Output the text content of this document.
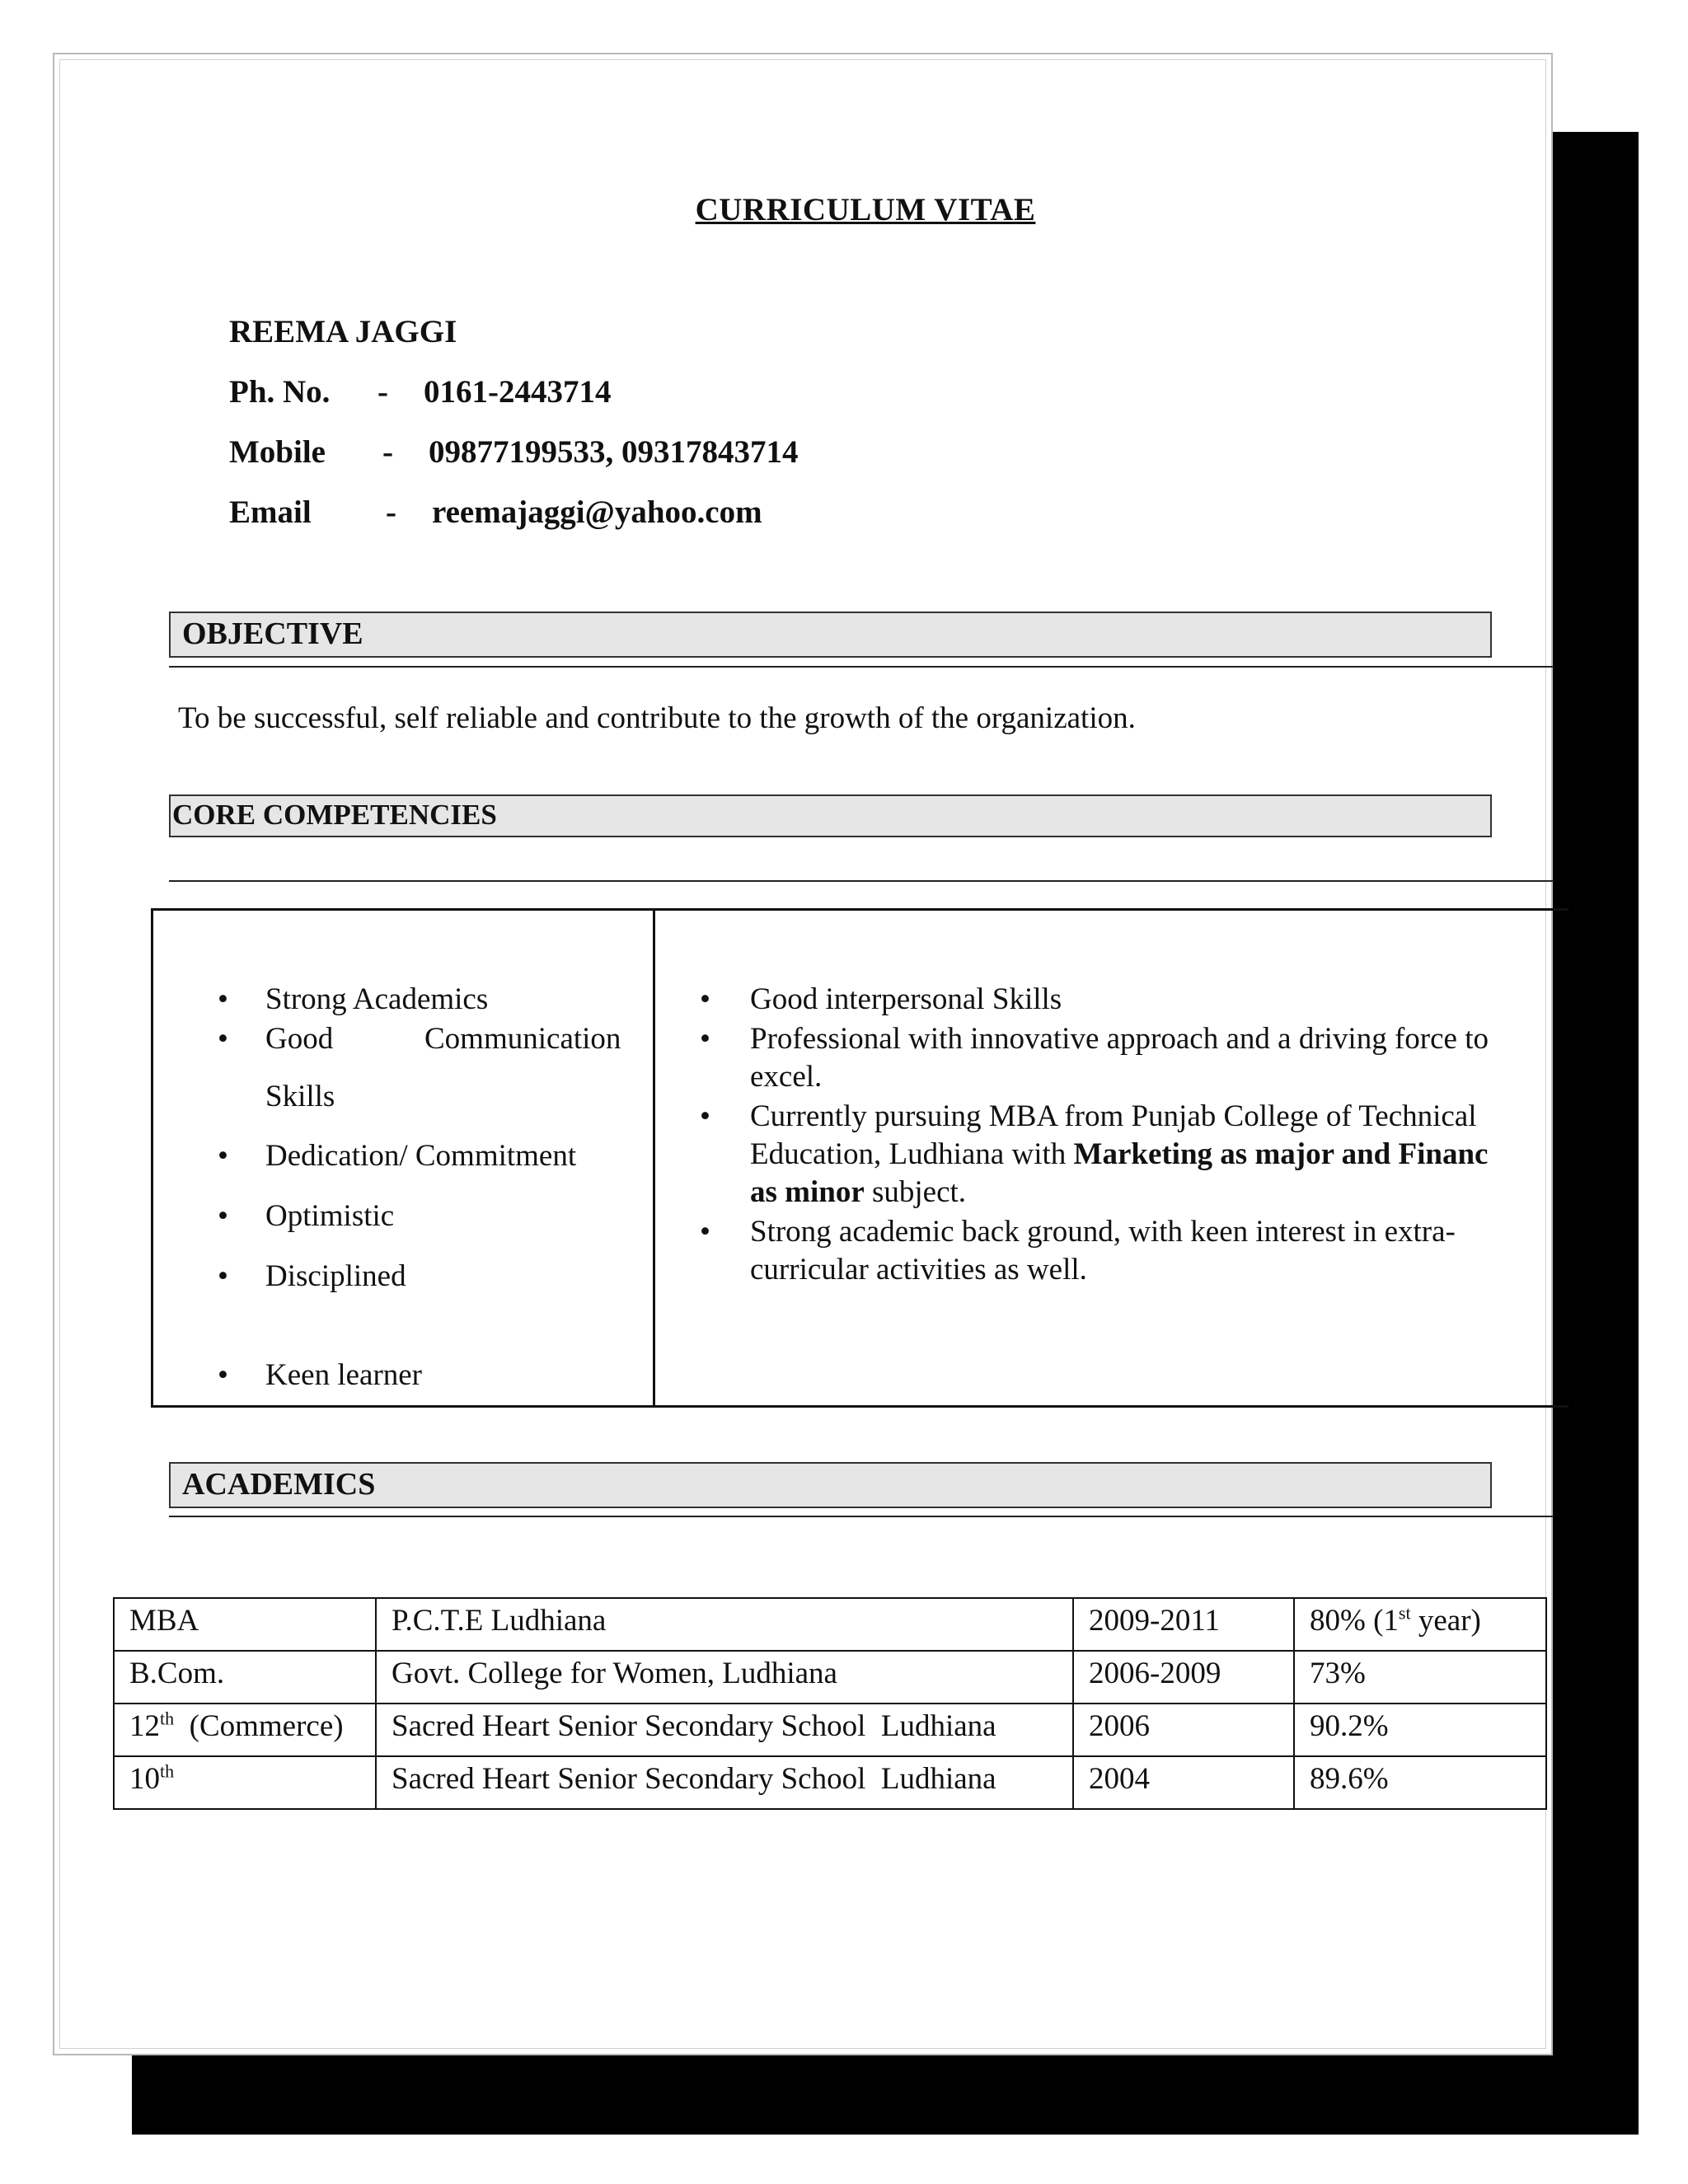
CURRICULUM VITAE
REEMA JAGGI
Ph. No. - 0161-2443714
Mobile - 09877199533, 09317843714
Email - reemajaggi@yahoo.com
OBJECTIVE
To be successful, self reliable and contribute to the growth of the organization.
CORE COMPETENCIES
• Strong Academics
• Good	Communication
Skills
• Dedication/ Commitment
• Optimistic
• Disciplined
• Keen learner
• Good interpersonal Skills
• Professional with innovative approach and a driving force to
excel.
• Currently pursuing MBA from Punjab College of Technical
Education, Ludhiana with Marketing as major and Financ
as minor subject.
• Strong academic back ground, with keen interest in extra-
curricular activities as well.
ACADEMICS
MBA	P.C.T.E Ludhiana	2009-2011	80% (1st year)
B.Com.	Govt. College for Women, Ludhiana	2006-2009	73%
12th  (Commerce)	Sacred Heart Senior Secondary School  Ludhiana	2006	90.2%
10th	Sacred Heart Senior Secondary School  Ludhiana	2004	89.6%
